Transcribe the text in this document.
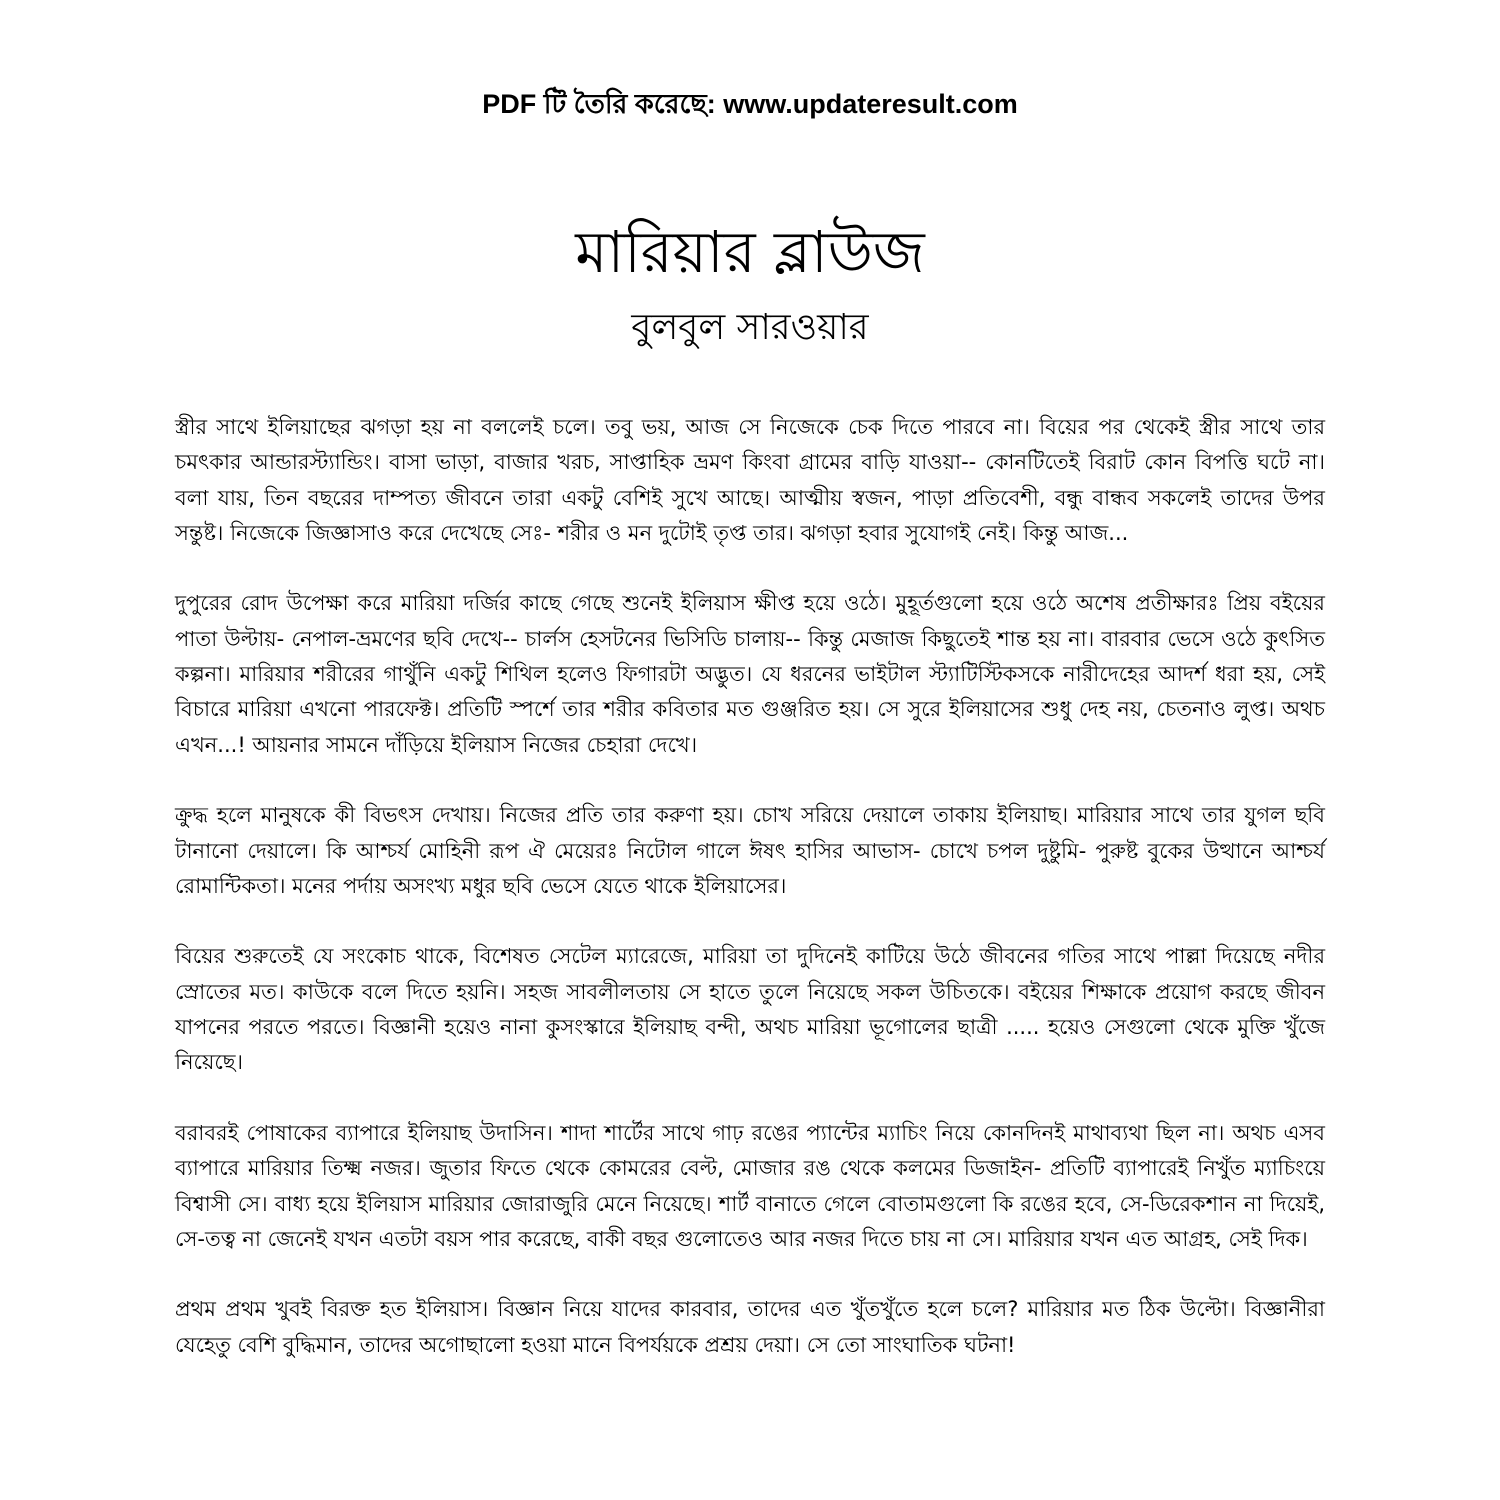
PDF টি তৈরি করেছে: www.updateresult.com
মারিয়ার ব্লাউজ
বুলবুল সারওয়ার

স্ত্রীর সাথে ইলিয়াছের ঝগড়া হয় না বললেই চলে। তবু ভয়, আজ সে নিজেকে চেক দিতে পারবে না। বিয়ের পর থেকেই স্ত্রীর সাথে তার চমৎকার আন্ডারস্ট্যান্ডিং। বাসা ভাড়া, বাজার খরচ, সাপ্তাহিক ভ্রমণ কিংবা গ্রামের বাড়ি যাওয়া-- কোনটিতেই বিরাট কোন বিপত্তি ঘটে না। বলা যায়, তিন বছরের দাম্পত্য জীবনে তারা একটু বেশিই সুখে আছে। আত্মীয় স্বজন, পাড়া প্রতিবেশী, বন্ধু বান্ধব সকলেই তাদের উপর সন্তুষ্ট। নিজেকে জিজ্ঞাসাও করে দেখেছে সেঃ- শরীর ও মন দুটোই তৃপ্ত তার। ঝগড়া হবার সুযোগই নেই। কিন্তু আজ...

দুপুরের রোদ উপেক্ষা করে মারিয়া দর্জির কাছে গেছে শুনেই ইলিয়াস ক্ষীপ্ত হয়ে ওঠে। মুহূর্তগুলো হয়ে ওঠে অশেষ প্রতীক্ষারঃ প্রিয় বইয়ের পাতা উল্টায়- নেপাল-ভ্রমণের ছবি দেখে-- চার্লস হেসটনের ভিসিডি চালায়-- কিন্তু মেজাজ কিছুতেই শান্ত হয় না। বারবার ভেসে ওঠে কুৎসিত কল্পনা। মারিয়ার শরীরের গাথুঁনি একটু শিথিল হলেও ফিগারটা অদ্ভুত। যে ধরনের ভাইটাল স্ট্যাটিস্টিকসকে নারীদেহের আদর্শ ধরা হয়, সেই বিচারে মারিয়া এখনো পারফেক্ট। প্রতিটি স্পর্শে তার শরীর কবিতার মত গুঞ্জরিত হয়। সে সুরে ইলিয়াসের শুধু দেহ নয়, চেতনাও লুপ্ত। অথচ এখন...! আয়নার সামনে দাঁড়িয়ে ইলিয়াস নিজের চেহারা দেখে।

ক্রুদ্ধ হলে মানুষকে কী বিভৎস দেখায়। নিজের প্রতি তার করুণা হয়। চোখ সরিয়ে দেয়ালে তাকায় ইলিয়াছ। মারিয়ার সাথে তার যুগল ছবি টানানো দেয়ালে। কি আশ্চর্য মোহিনী রূপ ঐ মেয়েরঃ নিটোল গালে ঈষৎ হাসির আভাস- চোখে চপল দুষ্টুমি- পুরুষ্ট বুকের উত্থানে আশ্চর্য রোমান্টিকতা। মনের পর্দায় অসংখ্য মধুর ছবি ভেসে যেতে থাকে ইলিয়াসের।

বিয়ের শুরুতেই যে সংকোচ থাকে, বিশেষত সেটেল ম্যারেজে, মারিয়া তা দুদিনেই কাটিয়ে উঠে জীবনের গতির সাথে পাল্লা দিয়েছে নদীর স্রোতের মত। কাউকে বলে দিতে হয়নি। সহজ সাবলীলতায় সে হাতে তুলে নিয়েছে সকল উচিতকে। বইয়ের শিক্ষাকে প্রয়োগ করছে জীবন যাপনের পরতে পরতে। বিজ্ঞানী হয়েও নানা কুসংস্কারে ইলিয়াছ বন্দী, অথচ মারিয়া ভূগোলের ছাত্রী ..... হয়েও সেগুলো থেকে মুক্তি খুঁজে নিয়েছে।

বরাবরই পোষাকের ব্যাপারে ইলিয়াছ উদাসিন। শাদা শার্টের সাথে গাঢ় রঙের প্যান্টের ম্যাচিং নিয়ে কোনদিনই মাথাব্যথা ছিল না। অথচ এসব ব্যাপারে মারিয়ার তিক্ষ্ম নজর। জুতার ফিতে থেকে কোমরের বেল্ট, মোজার রঙ থেকে কলমের ডিজাইন- প্রতিটি ব্যাপারেই নিখুঁত ম্যাচিংয়ে বিশ্বাসী সে। বাধ্য হয়ে ইলিয়াস মারিয়ার জোরাজুরি মেনে নিয়েছে। শার্ট বানাতে গেলে বোতামগুলো কি রঙের হবে, সে-ডিরেকশান না দিয়েই, সে-তত্ব না জেনেই যখন এতটা বয়স পার করেছে, বাকী বছর গুলোতেও আর নজর দিতে চায় না সে। মারিয়ার যখন এত আগ্রহ, সেই দিক।

প্রথম প্রথম খুবই বিরক্ত হত ইলিয়াস। বিজ্ঞান নিয়ে যাদের কারবার, তাদের এত খুঁতখুঁতে হলে চলে? মারিয়ার মত ঠিক উল্টো। বিজ্ঞানীরা যেহেতু বেশি বুদ্ধিমান, তাদের অগোছালো হওয়া মানে বিপর্যয়কে প্রশ্রয় দেয়া। সে তো সাংঘাতিক ঘটনা!
